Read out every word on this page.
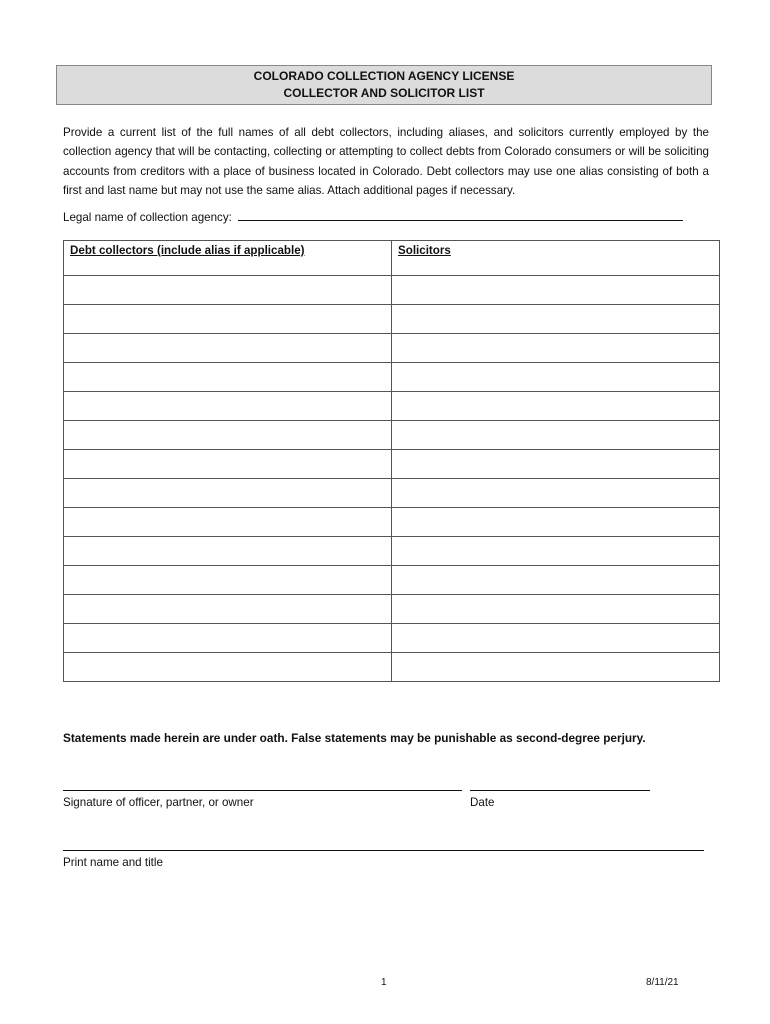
COLORADO COLLECTION AGENCY LICENSE
COLLECTOR AND SOLICITOR LIST
Provide a current list of the full names of all debt collectors, including aliases, and solicitors currently employed by the collection agency that will be contacting, collecting or attempting to collect debts from Colorado consumers or will be soliciting accounts from creditors with a place of business located in Colorado. Debt collectors may use one alias consisting of both a first and last name but may not use the same alias. Attach additional pages if necessary.
Legal name of collection agency:
Debt collectors (include alias if applicable)	Solicitors

Statements made herein are under oath. False statements may be punishable as second-degree perjury.
Signature of officer, partner, or owner	Date
Print name and title
1	8/11/21
